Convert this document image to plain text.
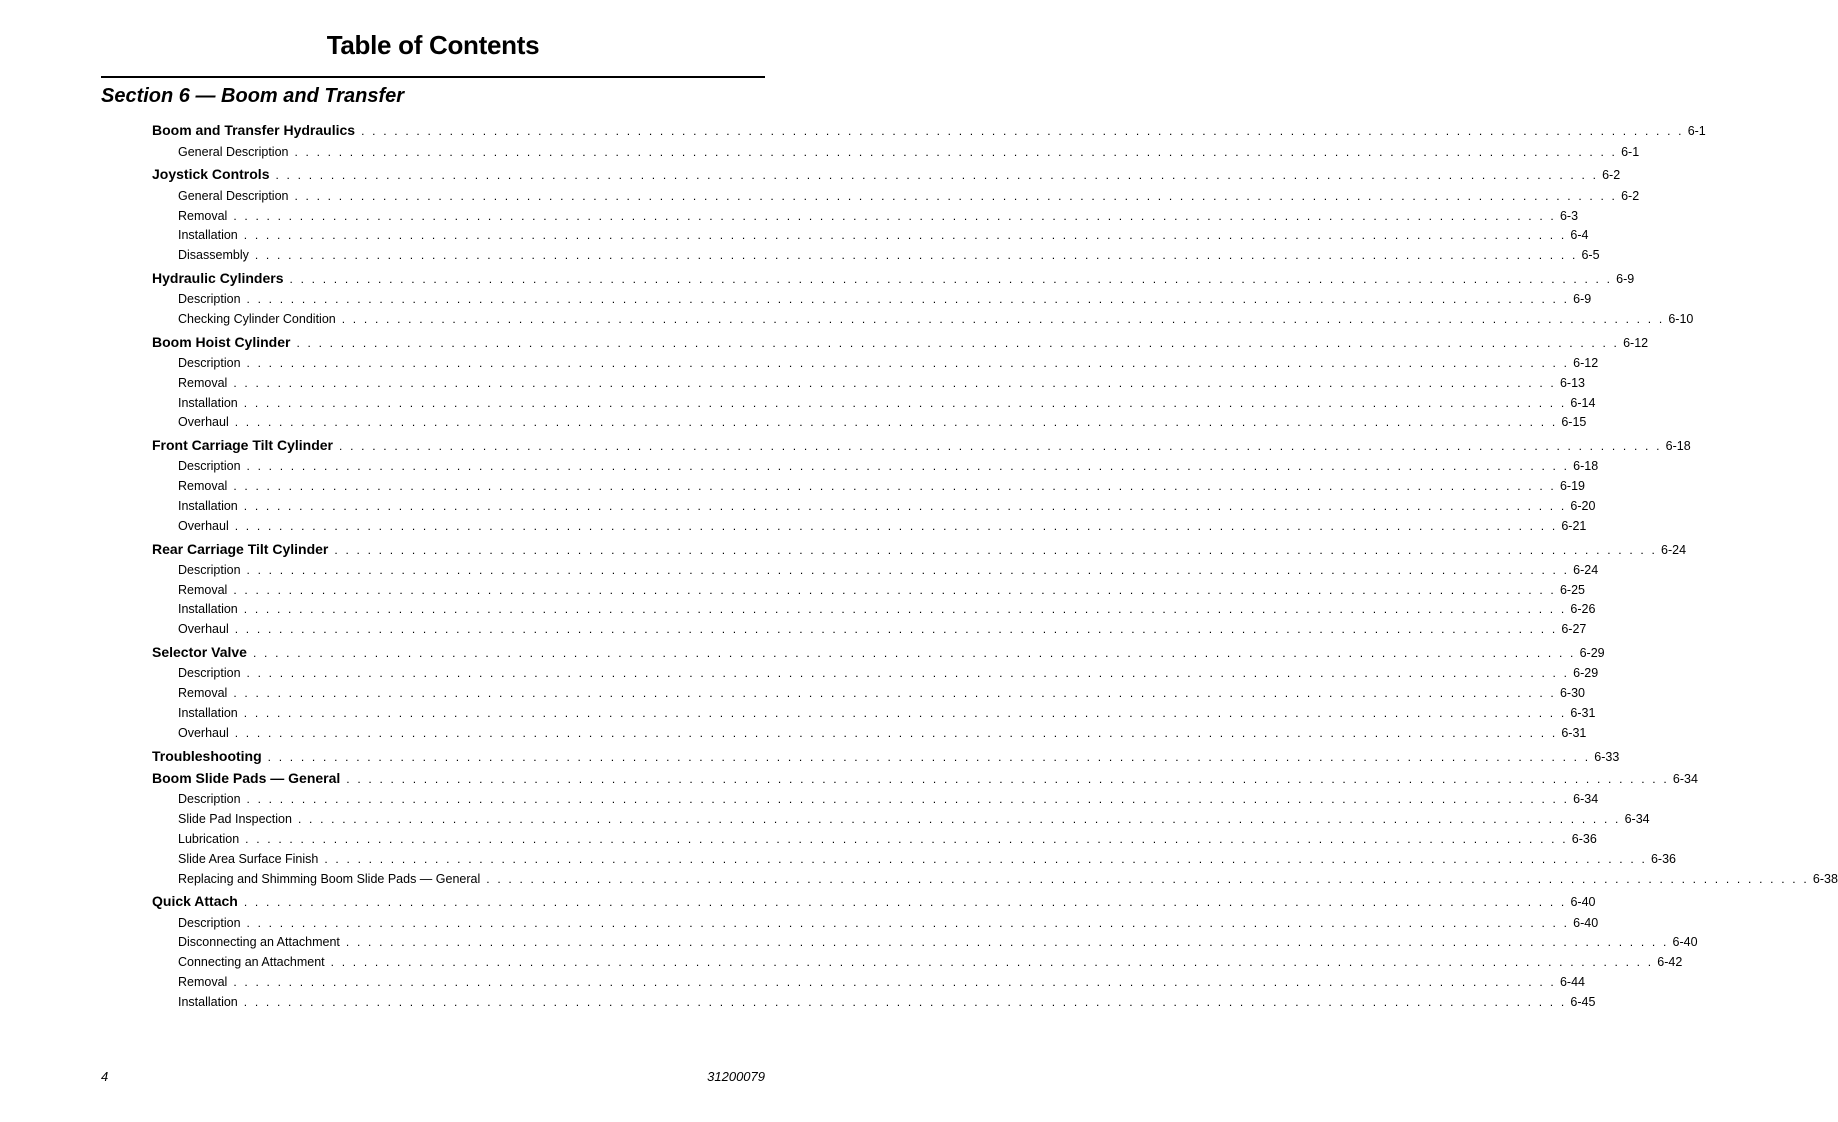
Table of Contents
Section 6 — Boom and Transfer
Boom and Transfer Hydraulics . . . . . . . . . . . . . . . . . . . . . . . . . . . . . . . . . . . . . . . . . . . . . . . . . . . . . . . . . . . . . . . . . . . . . . . . . . . . . . . . . . . . . . . . . . . . . . . . . . . . . . . . . . . . . . . . . . . . . . . . 6-1
General Description . . . . . . . . . . . . . . . . . . . . . . . . . . . . . . . . . . . . . . . . . . . . . . . . . . . . . . . . . . . . . . . . . . . . . . . . . . . . . . . . . . . . . . . . . . . . . . . . . . . . . . . . . . . . . . . . . . . . . . . . 6-1
Joystick Controls . . . . . . . . . . . . . . . . . . . . . . . . . . . . . . . . . . . . . . . . . . . . . . . . . . . . . . . . . . . . . . . . . . . . . . . . . . . . . . . . . . . . . . . . . . . . . . . . . . . . . . . . . . . . . . . . . . . . . . . . 6-2
General Description . . . . . . . . . . . . . . . . . . . . . . . . . . . . . . . . . . . . . . . . . . . . . . . . . . . . . . . . . . . . . . . . . . . . . . . . . . . . . . . . . . . . . . . . . . . . . . . . . . . . . . . . . . . . . . . . . . . . . . . . 6-2
Removal . . . . . . . . . . . . . . . . . . . . . . . . . . . . . . . . . . . . . . . . . . . . . . . . . . . . . . . . . . . . . . . . . . . . . . . . . . . . . . . . . . . . . . . . . . . . . . . . . . . . . . . . . . . . . . . . . . . . . . . . 6-3
Installation . . . . . . . . . . . . . . . . . . . . . . . . . . . . . . . . . . . . . . . . . . . . . . . . . . . . . . . . . . . . . . . . . . . . . . . . . . . . . . . . . . . . . . . . . . . . . . . . . . . . . . . . . . . . . . . . . . . . . . . . 6-4
Disassembly . . . . . . . . . . . . . . . . . . . . . . . . . . . . . . . . . . . . . . . . . . . . . . . . . . . . . . . . . . . . . . . . . . . . . . . . . . . . . . . . . . . . . . . . . . . . . . . . . . . . . . . . . . . . . . . . . . . . . . . . 6-5
Hydraulic Cylinders . . . . . . . . . . . . . . . . . . . . . . . . . . . . . . . . . . . . . . . . . . . . . . . . . . . . . . . . . . . . . . . . . . . . . . . . . . . . . . . . . . . . . . . . . . . . . . . . . . . . . . . . . . . . . . . . . . . . . . . . 6-9
Description . . . . . . . . . . . . . . . . . . . . . . . . . . . . . . . . . . . . . . . . . . . . . . . . . . . . . . . . . . . . . . . . . . . . . . . . . . . . . . . . . . . . . . . . . . . . . . . . . . . . . . . . . . . . . . . . . . . . . . . . 6-9
Checking Cylinder Condition . . . . . . . . . . . . . . . . . . . . . . . . . . . . . . . . . . . . . . . . . . . . . . . . . . . . . . . . . . . . . . . . . . . . . . . . . . . . . . . . . . . . . . . . . . . . . . . . . . . . . . . . . . . . . . . . . . . . . . . . 6-10
Boom Hoist Cylinder . . . . . . . . . . . . . . . . . . . . . . . . . . . . . . . . . . . . . . . . . . . . . . . . . . . . . . . . . . . . . . . . . . . . . . . . . . . . . . . . . . . . . . . . . . . . . . . . . . . . . . . . . . . . . . . . . . . . . . . . 6-12
Description . . . . . . . . . . . . . . . . . . . . . . . . . . . . . . . . . . . . . . . . . . . . . . . . . . . . . . . . . . . . . . . . . . . . . . . . . . . . . . . . . . . . . . . . . . . . . . . . . . . . . . . . . . . . . . . . . . . . . . . . 6-12
Removal . . . . . . . . . . . . . . . . . . . . . . . . . . . . . . . . . . . . . . . . . . . . . . . . . . . . . . . . . . . . . . . . . . . . . . . . . . . . . . . . . . . . . . . . . . . . . . . . . . . . . . . . . . . . . . . . . . . . . . . . 6-13
Installation . . . . . . . . . . . . . . . . . . . . . . . . . . . . . . . . . . . . . . . . . . . . . . . . . . . . . . . . . . . . . . . . . . . . . . . . . . . . . . . . . . . . . . . . . . . . . . . . . . . . . . . . . . . . . . . . . . . . . . . . 6-14
Overhaul . . . . . . . . . . . . . . . . . . . . . . . . . . . . . . . . . . . . . . . . . . . . . . . . . . . . . . . . . . . . . . . . . . . . . . . . . . . . . . . . . . . . . . . . . . . . . . . . . . . . . . . . . . . . . . . . . . . . . . . . 6-15
Front Carriage Tilt Cylinder . . . . . . . . . . . . . . . . . . . . . . . . . . . . . . . . . . . . . . . . . . . . . . . . . . . . . . . . . . . . . . . . . . . . . . . . . . . . . . . . . . . . . . . . . . . . . . . . . . . . . . . . . . . . . . . . . . . . . . . . 6-18
Description . . . . . . . . . . . . . . . . . . . . . . . . . . . . . . . . . . . . . . . . . . . . . . . . . . . . . . . . . . . . . . . . . . . . . . . . . . . . . . . . . . . . . . . . . . . . . . . . . . . . . . . . . . . . . . . . . . . . . . . . 6-18
Removal . . . . . . . . . . . . . . . . . . . . . . . . . . . . . . . . . . . . . . . . . . . . . . . . . . . . . . . . . . . . . . . . . . . . . . . . . . . . . . . . . . . . . . . . . . . . . . . . . . . . . . . . . . . . . . . . . . . . . . . . 6-19
Installation . . . . . . . . . . . . . . . . . . . . . . . . . . . . . . . . . . . . . . . . . . . . . . . . . . . . . . . . . . . . . . . . . . . . . . . . . . . . . . . . . . . . . . . . . . . . . . . . . . . . . . . . . . . . . . . . . . . . . . . . 6-20
Overhaul . . . . . . . . . . . . . . . . . . . . . . . . . . . . . . . . . . . . . . . . . . . . . . . . . . . . . . . . . . . . . . . . . . . . . . . . . . . . . . . . . . . . . . . . . . . . . . . . . . . . . . . . . . . . . . . . . . . . . . . . 6-21
Rear Carriage Tilt Cylinder . . . . . . . . . . . . . . . . . . . . . . . . . . . . . . . . . . . . . . . . . . . . . . . . . . . . . . . . . . . . . . . . . . . . . . . . . . . . . . . . . . . . . . . . . . . . . . . . . . . . . . . . . . . . . . . . . . . . . . . . 6-24
Description . . . . . . . . . . . . . . . . . . . . . . . . . . . . . . . . . . . . . . . . . . . . . . . . . . . . . . . . . . . . . . . . . . . . . . . . . . . . . . . . . . . . . . . . . . . . . . . . . . . . . . . . . . . . . . . . . . . . . . . . 6-24
Removal . . . . . . . . . . . . . . . . . . . . . . . . . . . . . . . . . . . . . . . . . . . . . . . . . . . . . . . . . . . . . . . . . . . . . . . . . . . . . . . . . . . . . . . . . . . . . . . . . . . . . . . . . . . . . . . . . . . . . . . . 6-25
Installation . . . . . . . . . . . . . . . . . . . . . . . . . . . . . . . . . . . . . . . . . . . . . . . . . . . . . . . . . . . . . . . . . . . . . . . . . . . . . . . . . . . . . . . . . . . . . . . . . . . . . . . . . . . . . . . . . . . . . . . . 6-26
Overhaul . . . . . . . . . . . . . . . . . . . . . . . . . . . . . . . . . . . . . . . . . . . . . . . . . . . . . . . . . . . . . . . . . . . . . . . . . . . . . . . . . . . . . . . . . . . . . . . . . . . . . . . . . . . . . . . . . . . . . . . . 6-27
Selector Valve . . . . . . . . . . . . . . . . . . . . . . . . . . . . . . . . . . . . . . . . . . . . . . . . . . . . . . . . . . . . . . . . . . . . . . . . . . . . . . . . . . . . . . . . . . . . . . . . . . . . . . . . . . . . . . . . . . . . . . . . 6-29
Description . . . . . . . . . . . . . . . . . . . . . . . . . . . . . . . . . . . . . . . . . . . . . . . . . . . . . . . . . . . . . . . . . . . . . . . . . . . . . . . . . . . . . . . . . . . . . . . . . . . . . . . . . . . . . . . . . . . . . . . . 6-29
Removal . . . . . . . . . . . . . . . . . . . . . . . . . . . . . . . . . . . . . . . . . . . . . . . . . . . . . . . . . . . . . . . . . . . . . . . . . . . . . . . . . . . . . . . . . . . . . . . . . . . . . . . . . . . . . . . . . . . . . . . . 6-30
Installation . . . . . . . . . . . . . . . . . . . . . . . . . . . . . . . . . . . . . . . . . . . . . . . . . . . . . . . . . . . . . . . . . . . . . . . . . . . . . . . . . . . . . . . . . . . . . . . . . . . . . . . . . . . . . . . . . . . . . . . . 6-31
Overhaul . . . . . . . . . . . . . . . . . . . . . . . . . . . . . . . . . . . . . . . . . . . . . . . . . . . . . . . . . . . . . . . . . . . . . . . . . . . . . . . . . . . . . . . . . . . . . . . . . . . . . . . . . . . . . . . . . . . . . . . . 6-31
Troubleshooting . . . . . . . . . . . . . . . . . . . . . . . . . . . . . . . . . . . . . . . . . . . . . . . . . . . . . . . . . . . . . . . . . . . . . . . . . . . . . . . . . . . . . . . . . . . . . . . . . . . . . . . . . . . . . . . . . . . . . . . . 6-33
Boom Slide Pads — General . . . . . . . . . . . . . . . . . . . . . . . . . . . . . . . . . . . . . . . . . . . . . . . . . . . . . . . . . . . . . . . . . . . . . . . . . . . . . . . . . . . . . . . . . . . . . . . . . . . . . . . . . . . . . . . . . . . . . . . . 6-34
Description . . . . . . . . . . . . . . . . . . . . . . . . . . . . . . . . . . . . . . . . . . . . . . . . . . . . . . . . . . . . . . . . . . . . . . . . . . . . . . . . . . . . . . . . . . . . . . . . . . . . . . . . . . . . . . . . . . . . . . . . 6-34
Slide Pad Inspection . . . . . . . . . . . . . . . . . . . . . . . . . . . . . . . . . . . . . . . . . . . . . . . . . . . . . . . . . . . . . . . . . . . . . . . . . . . . . . . . . . . . . . . . . . . . . . . . . . . . . . . . . . . . . . . . . . . . . . . . 6-34
Lubrication . . . . . . . . . . . . . . . . . . . . . . . . . . . . . . . . . . . . . . . . . . . . . . . . . . . . . . . . . . . . . . . . . . . . . . . . . . . . . . . . . . . . . . . . . . . . . . . . . . . . . . . . . . . . . . . . . . . . . . . . 6-36
Slide Area Surface Finish . . . . . . . . . . . . . . . . . . . . . . . . . . . . . . . . . . . . . . . . . . . . . . . . . . . . . . . . . . . . . . . . . . . . . . . . . . . . . . . . . . . . . . . . . . . . . . . . . . . . . . . . . . . . . . . . . . . . . . . . 6-36
Replacing and Shimming Boom Slide Pads — General . . . . . . . . . . . . . . . . . . . . . . . . . . . . . . . . . . . . . . . . . . . . . . . . . . . . . . . . . . . . . . . . . . . . . . . . . . . . . . . . . . . . . . . . . . . . . . . . . . . . . . . . . . . . . . . . . . . . . . . . 6-38
Quick Attach . . . . . . . . . . . . . . . . . . . . . . . . . . . . . . . . . . . . . . . . . . . . . . . . . . . . . . . . . . . . . . . . . . . . . . . . . . . . . . . . . . . . . . . . . . . . . . . . . . . . . . . . . . . . . . . . . . . . . . . . 6-40
Description . . . . . . . . . . . . . . . . . . . . . . . . . . . . . . . . . . . . . . . . . . . . . . . . . . . . . . . . . . . . . . . . . . . . . . . . . . . . . . . . . . . . . . . . . . . . . . . . . . . . . . . . . . . . . . . . . . . . . . . . 6-40
Disconnecting an Attachment . . . . . . . . . . . . . . . . . . . . . . . . . . . . . . . . . . . . . . . . . . . . . . . . . . . . . . . . . . . . . . . . . . . . . . . . . . . . . . . . . . . . . . . . . . . . . . . . . . . . . . . . . . . . . . . . . . . . . . . . 6-40
Connecting an Attachment . . . . . . . . . . . . . . . . . . . . . . . . . . . . . . . . . . . . . . . . . . . . . . . . . . . . . . . . . . . . . . . . . . . . . . . . . . . . . . . . . . . . . . . . . . . . . . . . . . . . . . . . . . . . . . . . . . . . . . . . 6-42
Removal . . . . . . . . . . . . . . . . . . . . . . . . . . . . . . . . . . . . . . . . . . . . . . . . . . . . . . . . . . . . . . . . . . . . . . . . . . . . . . . . . . . . . . . . . . . . . . . . . . . . . . . . . . . . . . . . . . . . . . . . 6-44
Installation . . . . . . . . . . . . . . . . . . . . . . . . . . . . . . . . . . . . . . . . . . . . . . . . . . . . . . . . . . . . . . . . . . . . . . . . . . . . . . . . . . . . . . . . . . . . . . . . . . . . . . . . . . . . . . . . . . . . . . . . 6-45
4	31200079
